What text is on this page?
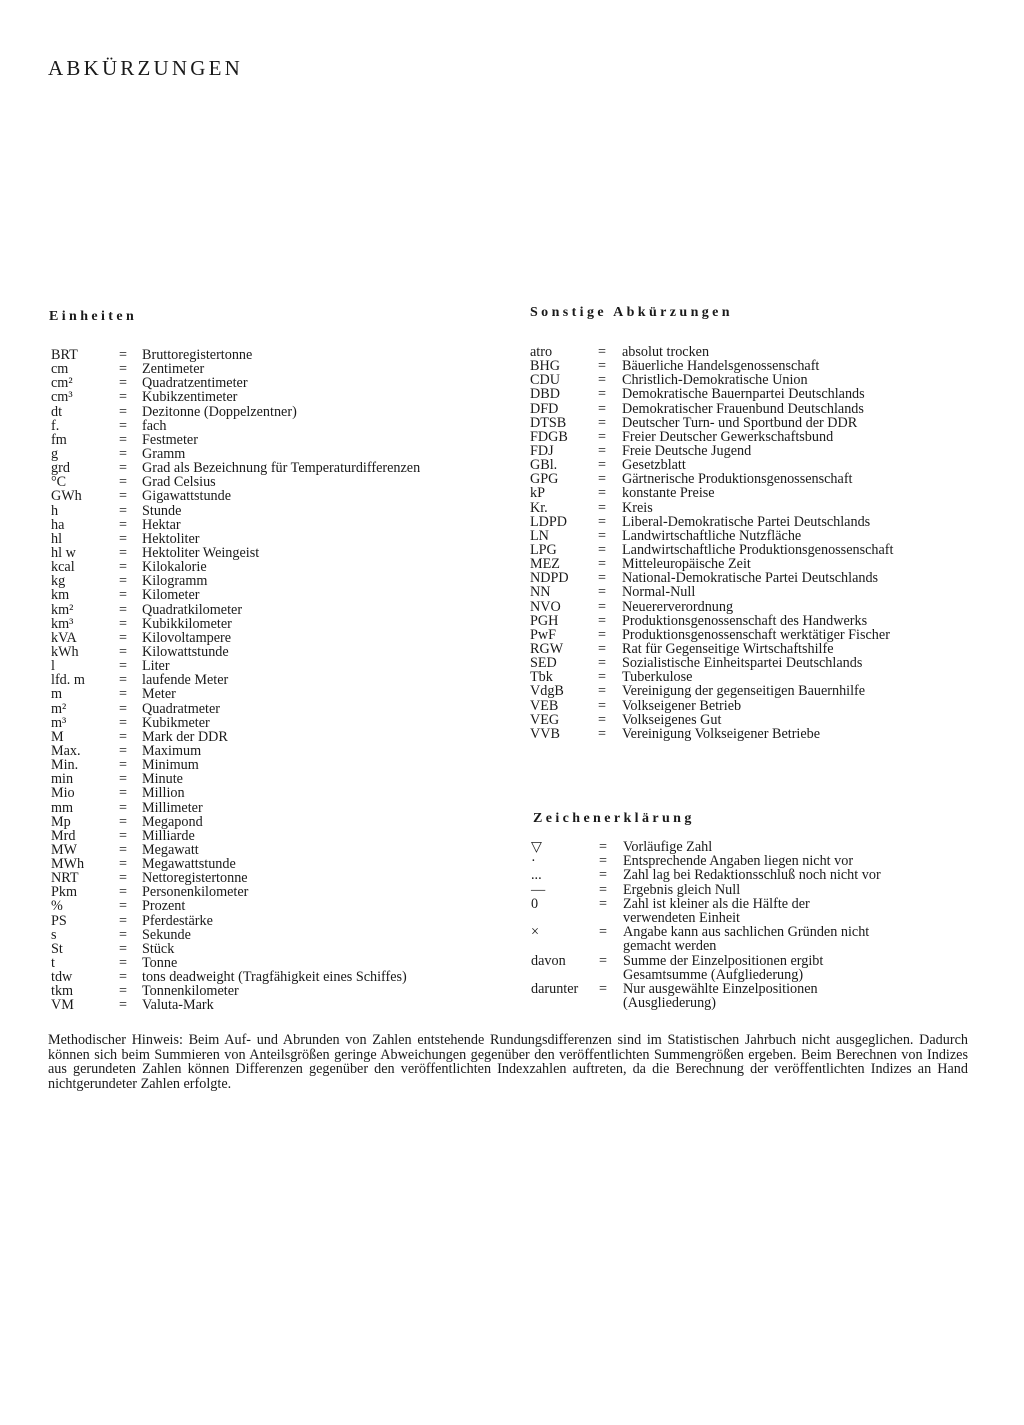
ABKÜRZUNGEN
Einheiten
BRT	=	Bruttoregistertonne
cm	=	Zentimeter
cm²	=	Quadratzentimeter
cm³	=	Kubikzentimeter
dt	=	Dezitonne (Doppelzentner)
f.	=	fach
fm	=	Festmeter
g	=	Gramm
grd	=	Grad als Bezeichnung für Temperaturdifferenzen
°C	=	Grad Celsius
GWh	=	Gigawattstunde
h	=	Stunde
ha	=	Hektar
hl	=	Hektoliter
hl w	=	Hektoliter Weingeist
kcal	=	Kilokalorie
kg	=	Kilogramm
km	=	Kilometer
km²	=	Quadratkilometer
km³	=	Kubikkilometer
kVA	=	Kilovoltampere
kWh	=	Kilowattstunde
l	=	Liter
lfd. m	=	laufende Meter
m	=	Meter
m²	=	Quadratmeter
m³	=	Kubikmeter
M	=	Mark der DDR
Max.	=	Maximum
Min.	=	Minimum
min	=	Minute
Mio	=	Million
mm	=	Millimeter
Mp	=	Megapond
Mrd	=	Milliarde
MW	=	Megawatt
MWh	=	Megawattstunde
NRT	=	Nettoregistertonne
Pkm	=	Personenkilometer
%	=	Prozent
PS	=	Pferdestärke
s	=	Sekunde
St	=	Stück
t	=	Tonne
tdw	=	tons deadweight (Tragfähigkeit eines Schiffes)
tkm	=	Tonnenkilometer
VM	=	Valuta-Mark
Sonstige Abkürzungen
atro	=	absolut trocken
BHG	=	Bäuerliche Handelsgenossenschaft
CDU	=	Christlich-Demokratische Union
DBD	=	Demokratische Bauernpartei Deutschlands
DFD	=	Demokratischer Frauenbund Deutschlands
DTSB	=	Deutscher Turn- und Sportbund der DDR
FDGB	=	Freier Deutscher Gewerkschaftsbund
FDJ	=	Freie Deutsche Jugend
GBl.	=	Gesetzblatt
GPG	=	Gärtnerische Produktionsgenossenschaft
kP	=	konstante Preise
Kr.	=	Kreis
LDPD	=	Liberal-Demokratische Partei Deutschlands
LN	=	Landwirtschaftliche Nutzfläche
LPG	=	Landwirtschaftliche Produktionsgenossenschaft
MEZ	=	Mitteleuropäische Zeit
NDPD	=	National-Demokratische Partei Deutschlands
NN	=	Normal-Null
NVO	=	Neuererverordnung
PGH	=	Produktionsgenossenschaft des Handwerks
PwF	=	Produktionsgenossenschaft werktätiger Fischer
RGW	=	Rat für Gegenseitige Wirtschaftshilfe
SED	=	Sozialistische Einheitspartei Deutschlands
Tbk	=	Tuberkulose
VdgB	=	Vereinigung der gegenseitigen Bauernhilfe
VEB	=	Volkseigener Betrieb
VEG	=	Volkseigenes Gut
VVB	=	Vereinigung Volkseigener Betriebe
Zeichenerklärung
▽	=	Vorläufige Zahl
·	=	Entsprechende Angaben liegen nicht vor
...	=	Zahl lag bei Redaktionsschluß noch nicht vor
—	=	Ergebnis gleich Null
0	=	Zahl ist kleiner als die Hälfte der
verwendeten Einheit
×	=	Angabe kann aus sachlichen Gründen nicht
gemacht werden
davon	=	Summe der Einzelpositionen ergibt
Gesamtsumme (Aufgliederung)
darunter	=	Nur ausgewählte Einzelpositionen
(Ausgliederung)

Methodischer Hinweis: Beim Auf- und Abrunden von Zahlen entstehende Rundungsdifferenzen sind im Statistischen Jahrbuch nicht ausgeglichen. Dadurch können sich beim Summieren von Anteilsgrößen geringe Abweichungen gegenüber den veröffentlichten Summengrößen ergeben. Beim Berechnen von Indizes aus gerundeten Zahlen können Differenzen gegenüber den veröffentlichten Indexzahlen auftreten, da die Berechnung der veröffentlichten Indizes an Hand nichtgerundeter Zahlen erfolgte.
